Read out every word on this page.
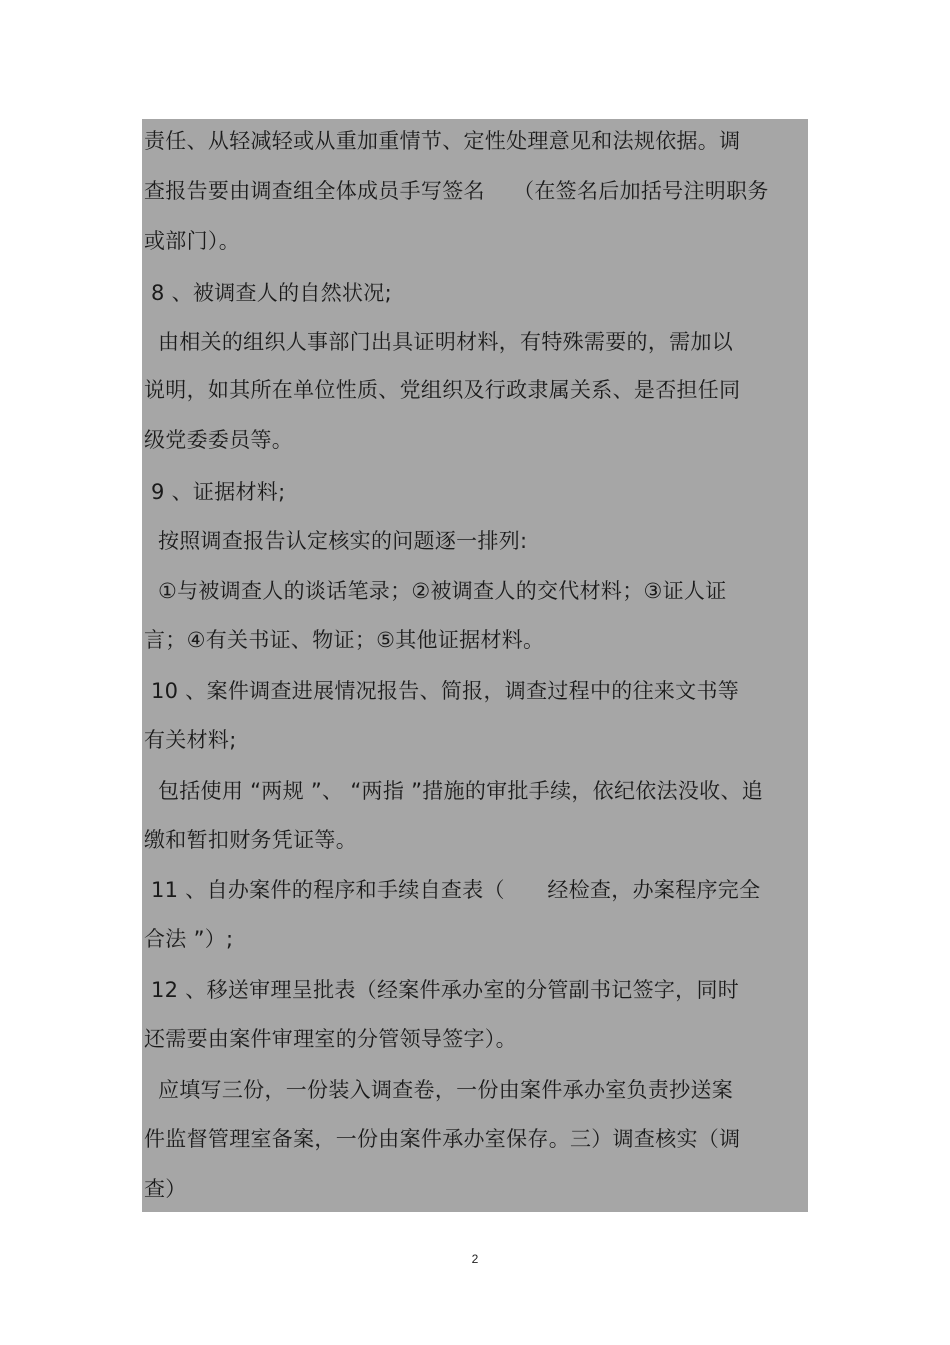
责任、从轻减轻或从重加重情节、定性处理意见和法规依据。调
查报告要由调查组全体成员手写签名　 （在签名后加括号注明职务
或部门）。
8 、被调查人的自然状况;
由相关的组织人事部门出具证明材料，有特殊需要的，需加以
说明，如其所在单位性质、党组织及行政隶属关系、是否担任同
级党委委员等。
9 、证据材料;
按照调查报告认定核实的问题逐一排列:
①与被调查人的谈话笔录；②被调查人的交代材料；③证人证
言；④有关书证、物证；⑤其他证据材料。
10 、案件调查进展情况报告、简报，调查过程中的往来文书等
有关材料;
包括使用 “两规 ”、 “两指 ”措施的审批手续，依纪依法没收、追
缴和暂扣财务凭证等。
11 、自办案件的程序和手续自查表（　　经检查，办案程序完全
合法 ”）;
12 、移送审理呈批表（经案件承办室的分管副书记签字，同时
还需要由案件审理室的分管领导签字）。
应填写三份，一份装入调查卷，一份由案件承办室负责抄送案
件监督管理室备案，一份由案件承办室保存。三）调查核实（调
查）
2
